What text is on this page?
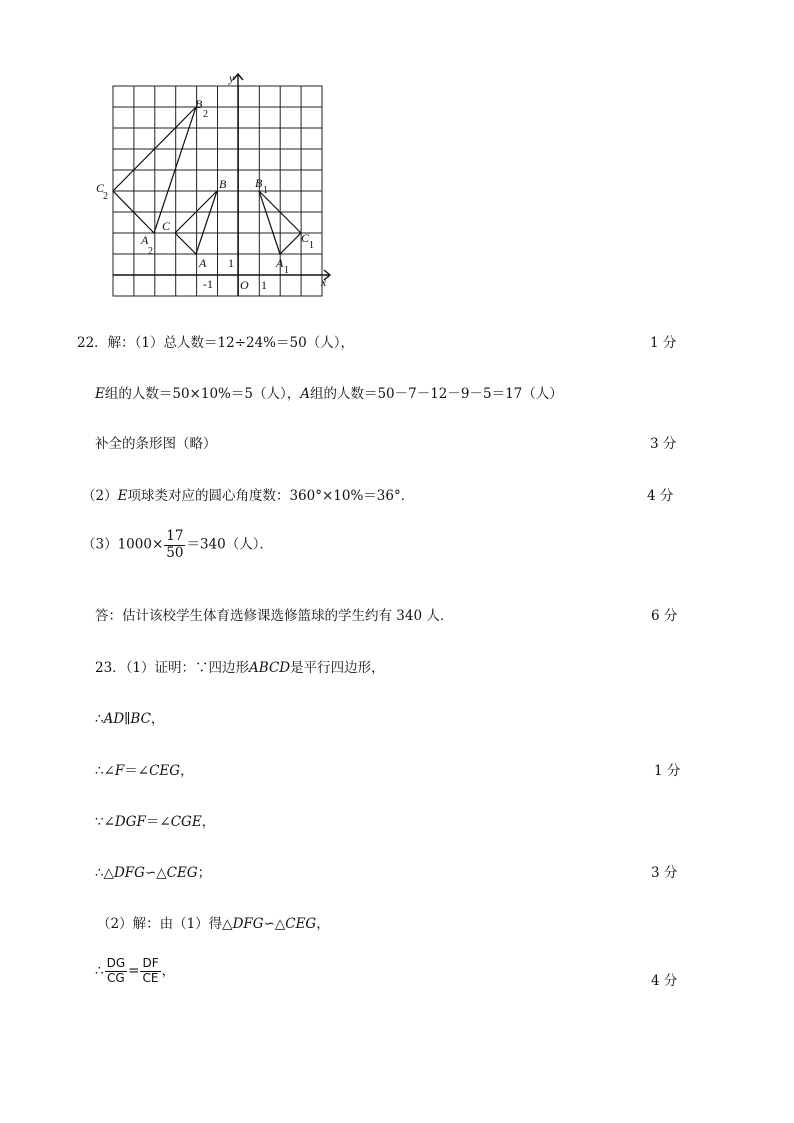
x
y
O 1
-1
1
A
B
C
A
1
B
1
C
1
A
2
B
2
C
2
22．解：（1）总人数＝12÷24%＝50（人），	1 分
E组的人数＝50×10%＝5（人），A组的人数＝50－7－12－9－5＝17（人）
补全的条形图（略）	3 分
（2）E项球类对应的圆心角度数：360°×10%＝36°．	4 分
$(3)1000\times \frac{17}{50} =340$（人）．
答：估计该校学生体育选修课选修篮球的学生约有 340 人．	6 分
23．（1）证明：∵四边形ABCD是平行四边形，
∴AD∥BC，
∴∠F＝∠CEG，	1 分
∵∠DGF＝∠CGE，
∴△DFG∽△CEG；	3 分
（2）解：由（1）得△DFG∽△CEG，
∴ $\frac{DG}{CG} = \frac{DF}{CE}$ ，
4 分
